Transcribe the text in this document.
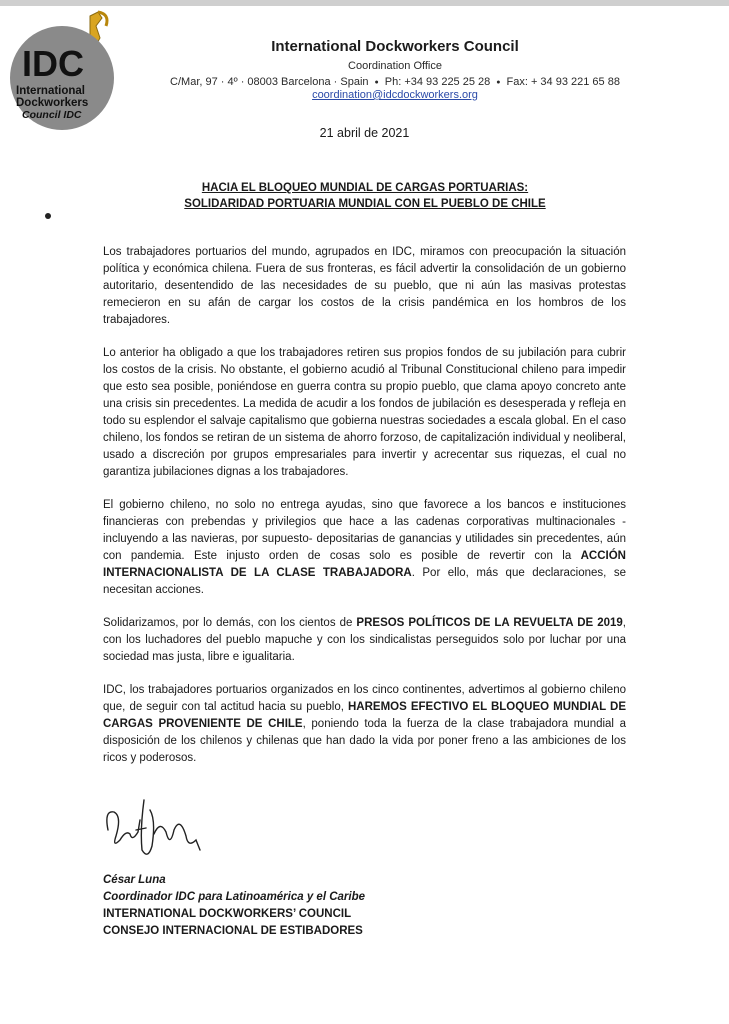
IDC
International
Dockworkers
Council IDC
International Dockworkers Council
Coordination Office
C/Mar, 97 · 4º · 08003 Barcelona · Spain ● Ph: +34 93 225 25 28 ● Fax: + 34 93 221 65 88
coordination@idcdockworkers.org
21 abril de 2021
HACIA EL BLOQUEO MUNDIAL DE CARGAS PORTUARIAS:
SOLIDARIDAD PORTUARIA MUNDIAL CON EL PUEBLO DE CHILE

Los trabajadores portuarios del mundo, agrupados en IDC, miramos con preocupación la situación política y económica chilena. Fuera de sus fronteras, es fácil advertir la consolidación de un gobierno autoritario, desentendido de las necesidades de su pueblo, que ni aún las masivas protestas remecieron en su afán de cargar los costos de la crisis pandémica en los hombros de los trabajadores.

Lo anterior ha obligado a que los trabajadores retiren sus propios fondos de su jubilación para cubrir los costos de la crisis. No obstante, el gobierno acudió al Tribunal Constitucional chileno para impedir que esto sea posible, poniéndose en guerra contra su propio pueblo, que clama apoyo concreto ante una crisis sin precedentes. La medida de acudir a los fondos de jubilación es desesperada y refleja en todo su esplendor el salvaje capitalismo que gobierna nuestras sociedades a escala global. En el caso chileno, los fondos se retiran de un sistema de ahorro forzoso, de capitalización individual y neoliberal, usado a discreción por grupos empresariales para invertir y acrecentar sus riquezas, el cual no garantiza jubilaciones dignas a los trabajadores.

El gobierno chileno, no solo no entrega ayudas, sino que favorece a los bancos e instituciones financieras con prebendas y privilegios que hace a las cadenas corporativas multinacionales - incluyendo a las navieras, por supuesto- depositarias de ganancias y utilidades sin precedentes, aún con pandemia. Este injusto orden de cosas solo es posible de revertir con la ACCIÓN INTERNACIONALISTA DE LA CLASE TRABAJADORA. Por ello, más que declaraciones, se necesitan acciones.

Solidarizamos, por lo demás, con los cientos de PRESOS POLÍTICOS DE LA REVUELTA DE 2019, con los luchadores del pueblo mapuche y con los sindicalistas perseguidos solo por luchar por una sociedad mas justa, libre e igualitaria.

IDC, los trabajadores portuarios organizados en los cinco continentes, advertimos al gobierno chileno que, de seguir con tal actitud hacia su pueblo, HAREMOS EFECTIVO EL BLOQUEO MUNDIAL DE CARGAS PROVENIENTE DE CHILE, poniendo toda la fuerza de la clase trabajadora mundial a disposición de los chilenos y chilenas que han dado la vida por poner freno a las ambiciones de los ricos y poderosos.

César Luna
Coordinador IDC para Latinoamérica y el Caribe
INTERNATIONAL DOCKWORKERS’ COUNCIL
CONSEJO INTERNACIONAL DE ESTIBADORES
